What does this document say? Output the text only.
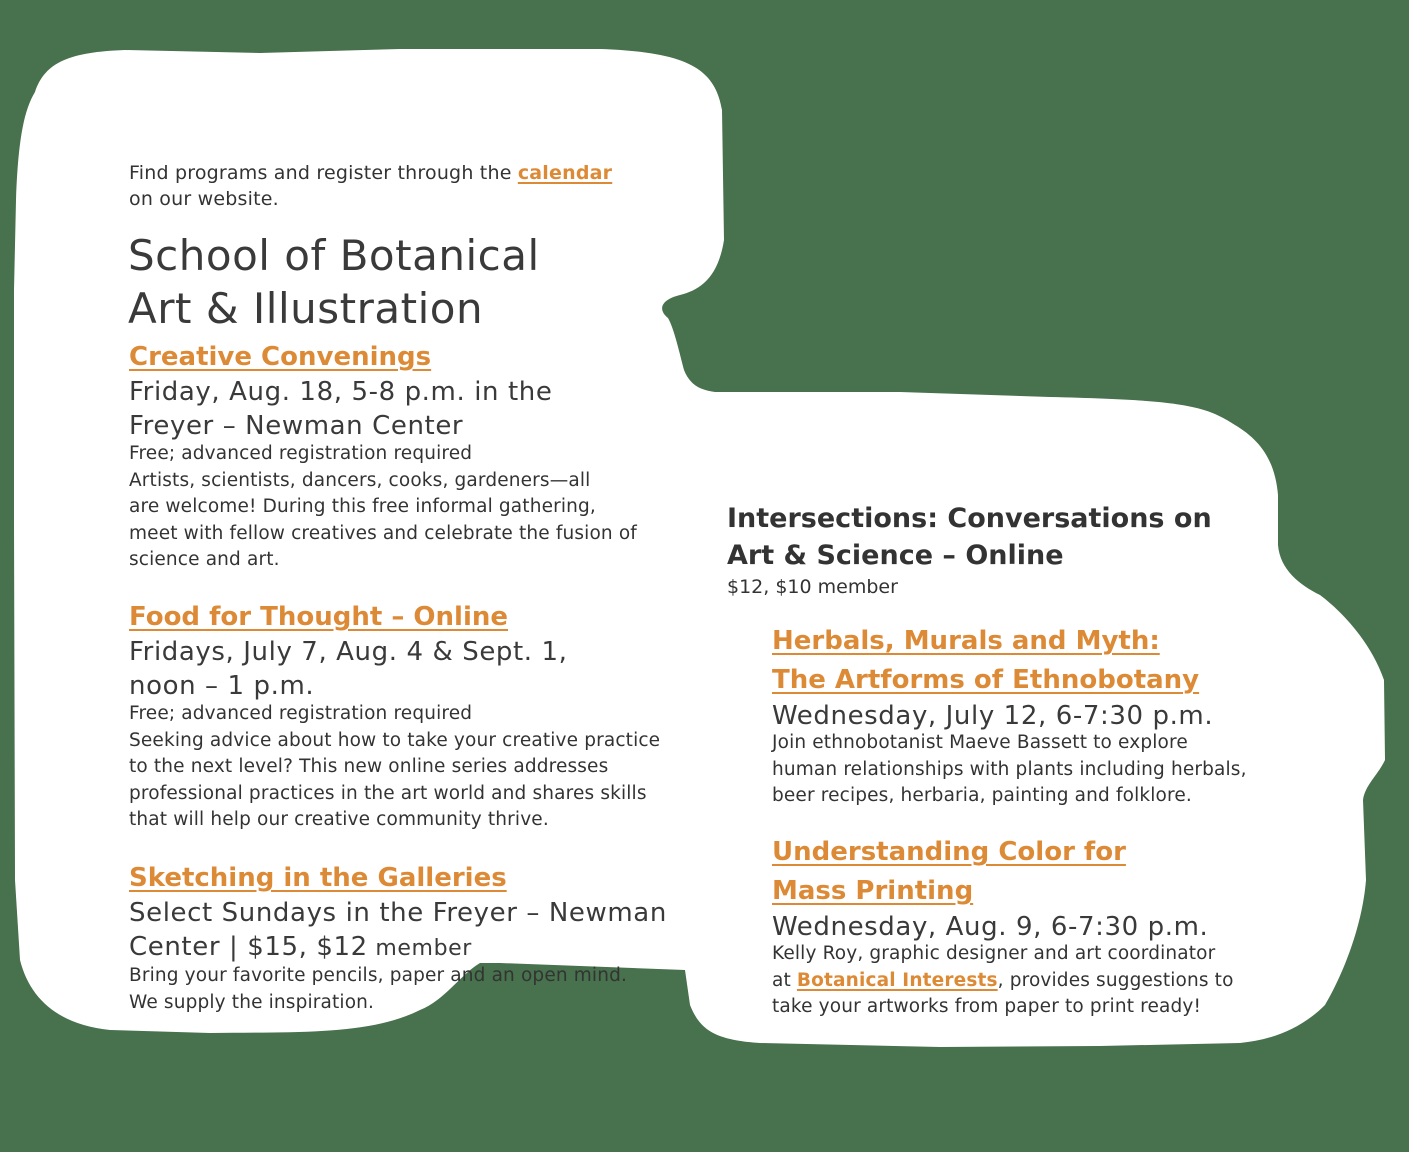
Find programs and register through the calendar

on our website.

School of Botanical
Art & Illustration

Creative Convenings

Friday, Aug. 18, 5-8 p.m. in the

Freyer – Newman Center

Free; advanced registration required

Artists, scientists, dancers, cooks, gardeners—all

are welcome! During this free informal gathering,

meet with fellow creatives and celebrate the fusion of

science and art.

Food for Thought – Online

Fridays, July 7, Aug. 4 & Sept. 1,

noon – 1 p.m.

Free; advanced registration required

Seeking advice about how to take your creative practice

to the next level? This new online series addresses

professional practices in the art world and shares skills

that will help our creative community thrive.

Sketching in the Galleries

Select Sundays in the Freyer – Newman

Center | $15, $12 member

Bring your favorite pencils, paper and an open mind.

We supply the inspiration.

Intersections: Conversations on
Art & Science – Online

$12, $10 member

Herbals, Murals and Myth:
The Artforms of Ethnobotany

Wednesday, July 12, 6-7:30 p.m.

Join ethnobotanist Maeve Bassett to explore

human relationships with plants including herbals,

beer recipes, herbaria, painting and folklore.

Understanding Color for
Mass Printing

Wednesday, Aug. 9, 6-7:30 p.m.

Kelly Roy, graphic designer and art coordinator

at Botanical Interests, provides suggestions to

take your artworks from paper to print ready!
